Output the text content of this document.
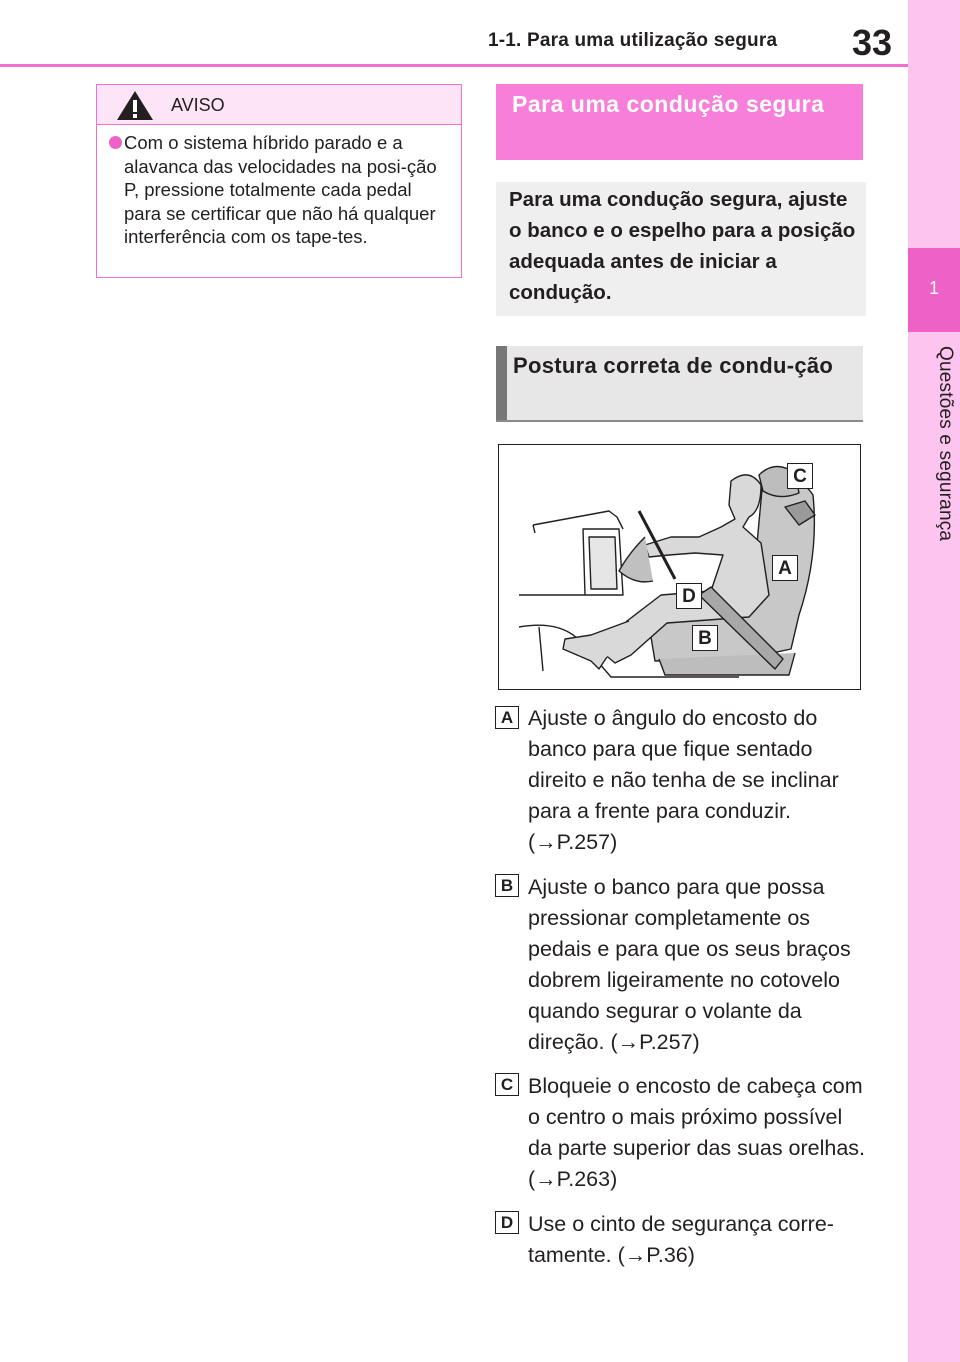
1-1. Para uma utilização segura 33
1
Questões e segurança
AVISO
Com o sistema híbrido parado e a alavanca das velocidades na posi-ção P, pressione totalmente cada pedal para se certificar que não há qualquer interferência com os tape-tes.
Para uma condução segura
Para uma condução segura, ajuste o banco e o espelho para a posição adequada antes de iniciar a condução.
Postura correta de condu-ção
C
A
D
B
A Ajuste o ângulo do encosto do banco para que fique sentado direito e não tenha de se inclinar para a frente para conduzir. (→P.257)
B Ajuste o banco para que possa pressionar completamente os pedais e para que os seus braços dobrem ligeiramente no cotovelo quando segurar o volante da direção. (→P.257)
C Bloqueie o encosto de cabeça com o centro o mais próximo possível da parte superior das suas orelhas. (→P.263)
D Use o cinto de segurança corre-tamente. (→P.36)
